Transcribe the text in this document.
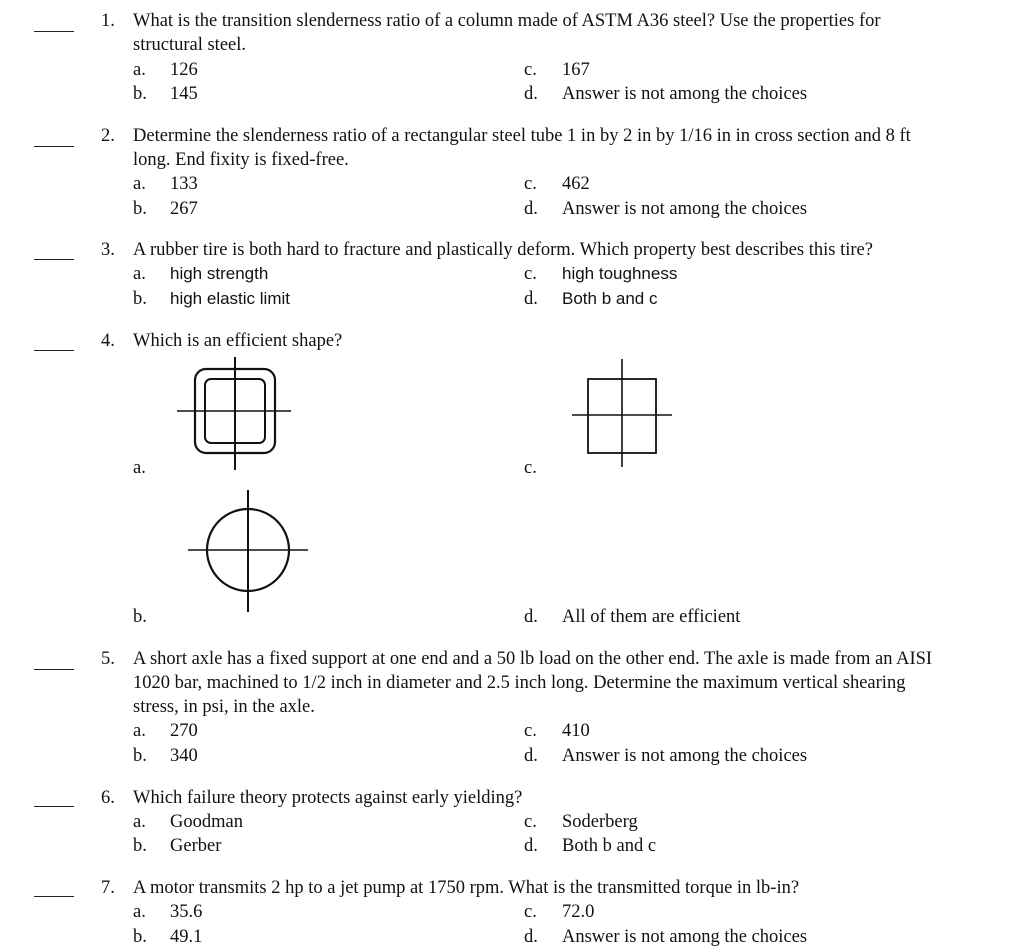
1. What is the transition slenderness ratio of a column made of ASTM A36 steel? Use the properties for
structural steel.
a. 126
b. 145
c. 167
d. Answer is not among the choices
2. Determine the slenderness ratio of a rectangular steel tube 1 in by 2 in by 1/16 in in cross section and 8 ft
long. End fixity is fixed-free.
a. 133
b. 267
c. 462
d. Answer is not among the choices
3. A rubber tire is both hard to fracture and plastically deform. Which property best describes this tire?
a. high strength
b. high elastic limit
c. high toughness
d. Both b and c
4. Which is an efficient shape?
a.
b.
c.
d. All of them are efficient
5. A short axle has a fixed support at one end and a 50 lb load on the other end. The axle is made from an AISI
1020 bar, machined to 1/2 inch in diameter and 2.5 inch long. Determine the maximum vertical shearing
stress, in psi, in the axle.
a. 270
b. 340
c. 410
d. Answer is not among the choices
6. Which failure theory protects against early yielding?
a. Goodman
b. Gerber
c. Soderberg
d. Both b and c
7. A motor transmits 2 hp to a jet pump at 1750 rpm. What is the transmitted torque in lb-in?
a. 35.6
b. 49.1
c. 72.0
d. Answer is not among the choices
